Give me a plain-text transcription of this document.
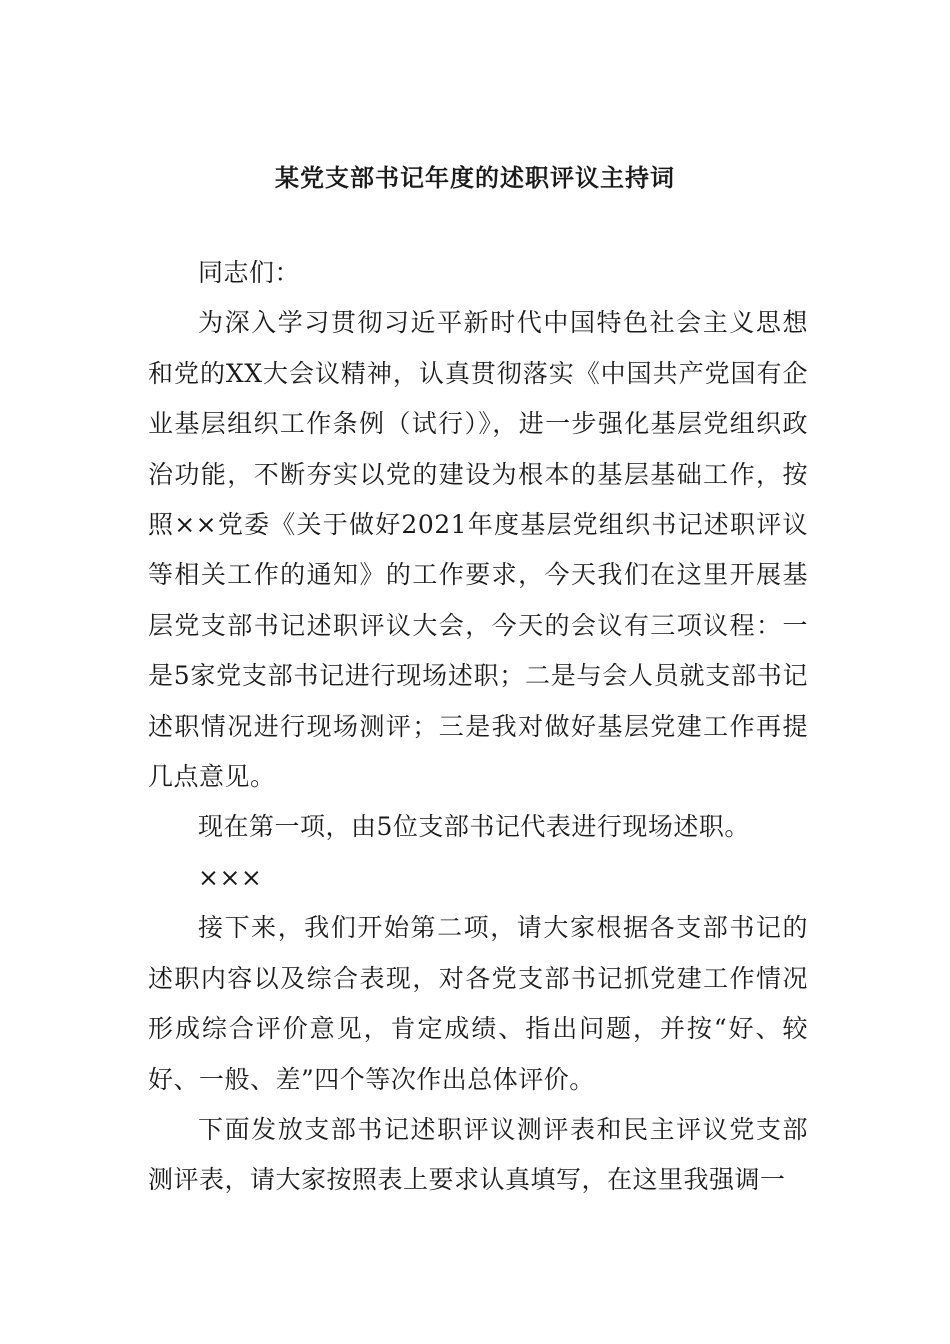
某党支部书记年度的述职评议主持词

同志们：

为深入学习贯彻习近平新时代中国特色社会主义思想和党的XX大会议精神，认真贯彻落实《中国共产党国有企业基层组织工作条例（试行）》，进一步强化基层党组织政治功能，不断夯实以党的建设为根本的基层基础工作，按照××党委《关于做好2021年度基层党组织书记述职评议等相关工作的通知》的工作要求，今天我们在这里开展基层党支部书记述职评议大会，今天的会议有三项议程：一是5家党支部书记进行现场述职；二是与会人员就支部书记述职情况进行现场测评；三是我对做好基层党建工作再提几点意见。

现在第一项，由5位支部书记代表进行现场述职。

×××

接下来，我们开始第二项，请大家根据各支部书记的述职内容以及综合表现，对各党支部书记抓党建工作情况形成综合评价意见，肯定成绩、指出问题，并按“好、较好、一般、差”四个等次作出总体评价。

下面发放支部书记述职评议测评表和民主评议党支部测评表，请大家按照表上要求认真填写，在这里我强调一
